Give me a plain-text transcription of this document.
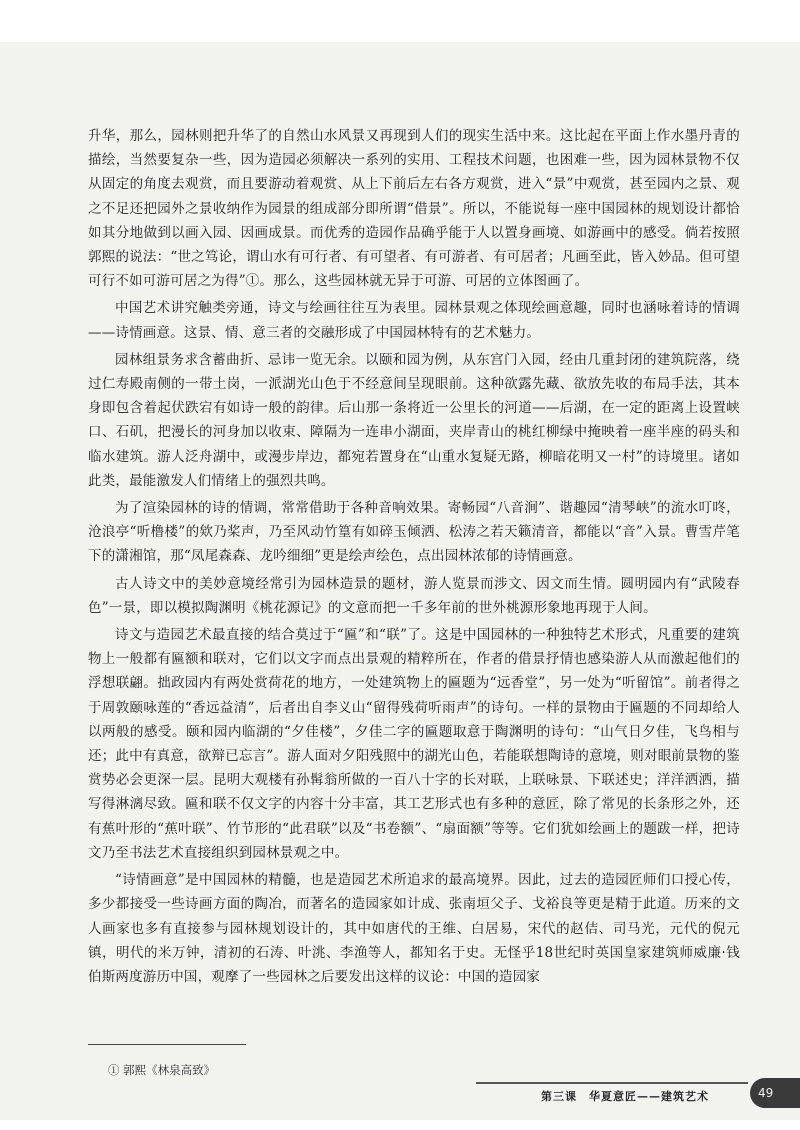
升华，那么，园林则把升华了的自然山水风景又再现到人们的现实生活中来。这比起在平面上作水墨丹青的描绘，当然要复杂一些，因为造园必须解决一系列的实用、工程技术问题，也困难一些，因为园林景物不仅从固定的角度去观赏，而且要游动着观赏、从上下前后左右各方观赏，进入“景”中观赏，甚至园内之景、观之不足还把园外之景收纳作为园景的组成部分即所谓“借景”。所以，不能说每一座中国园林的规划设计都恰如其分地做到以画入园、因画成景。而优秀的造园作品确乎能于人以置身画境、如游画中的感受。倘若按照郭熙的说法：“世之笃论，谓山水有可行者、有可望者、有可游者、有可居者；凡画至此，皆入妙品。但可望可行不如可游可居之为得”①。那么，这些园林就无异于可游、可居的立体图画了。

中国艺术讲究触类旁通，诗文与绘画往往互为表里。园林景观之体现绘画意趣，同时也涵咏着诗的情调——诗情画意。这景、情、意三者的交融形成了中国园林特有的艺术魅力。

园林组景务求含蓄曲折、忌讳一览无余。以颐和园为例，从东宫门入园，经由几重封闭的建筑院落，绕过仁寿殿南侧的一带土岗，一派湖光山色于不经意间呈现眼前。这种欲露先藏、欲放先收的布局手法，其本身即包含着起伏跌宕有如诗一般的韵律。后山那一条将近一公里长的河道——后湖，在一定的距离上设置峡口、石矶，把漫长的河身加以收束、障隔为一连串小湖面，夹岸青山的桃红柳绿中掩映着一座半座的码头和临水建筑。游人泛舟湖中，或漫步岸边，都宛若置身在“山重水复疑无路，柳暗花明又一村”的诗境里。诸如此类，最能激发人们情绪上的强烈共鸣。

为了渲染园林的诗的情调，常常借助于各种音响效果。寄畅园“八音涧”、谐趣园“清琴峡”的流水叮咚，沧浪亭“听橹楼”的欸乃桨声，乃至风动竹篁有如碎玉倾洒、松涛之若天籁清音，都能以“音”入景。曹雪芹笔下的潇湘馆，那“凤尾森森、龙吟细细”更是绘声绘色，点出园林浓郁的诗情画意。

古人诗文中的美妙意境经常引为园林造景的题材，游人览景而涉文、因文而生情。圆明园内有“武陵春色”一景，即以模拟陶渊明《桃花源记》的文意而把一千多年前的世外桃源形象地再现于人间。

诗文与造园艺术最直接的结合莫过于“匾”和“联”了。这是中国园林的一种独特艺术形式，凡重要的建筑物上一般都有匾额和联对，它们以文字而点出景观的精粹所在，作者的借景抒情也感染游人从而激起他们的浮想联翩。拙政园内有两处赏荷花的地方，一处建筑物上的匾题为“远香堂”，另一处为“听留馆”。前者得之于周敦颐咏莲的“香远益清”，后者出自李义山“留得残荷听雨声”的诗句。一样的景物由于匾题的不同却给人以两般的感受。颐和园内临湖的“夕佳楼”，夕佳二字的匾题取意于陶渊明的诗句：“山气日夕佳，飞鸟相与还；此中有真意，欲辩已忘言”。游人面对夕阳残照中的湖光山色，若能联想陶诗的意境，则对眼前景物的鉴赏势必会更深一层。昆明大观楼有孙髯翁所做的一百八十字的长对联，上联咏景、下联述史；洋洋洒洒，描写得淋漓尽致。匾和联不仅文字的内容十分丰富，其工艺形式也有多种的意匠，除了常见的长条形之外，还有蕉叶形的“蕉叶联”、竹节形的“此君联”以及“书卷额”、“扇面额”等等。它们犹如绘画上的题跋一样，把诗文乃至书法艺术直接组织到园林景观之中。

“诗情画意”是中国园林的精髓，也是造园艺术所追求的最高境界。因此，过去的造园匠师们口授心传，多少都接受一些诗画方面的陶冶，而著名的造园家如计成、张南垣父子、戈裕良等更是精于此道。历来的文人画家也多有直接参与园林规划设计的，其中如唐代的王维、白居易，宋代的赵佶、司马光，元代的倪元镇，明代的米万钟，清初的石涛、叶洮、李渔等人，都知名于史。无怪乎18世纪时英国皇家建筑师威廉·钱伯斯两度游历中国，观摩了一些园林之后要发出这样的议论：中国的造园家

① 郭熙《林泉高致》
第三课　华夏意匠——建筑艺术	49
